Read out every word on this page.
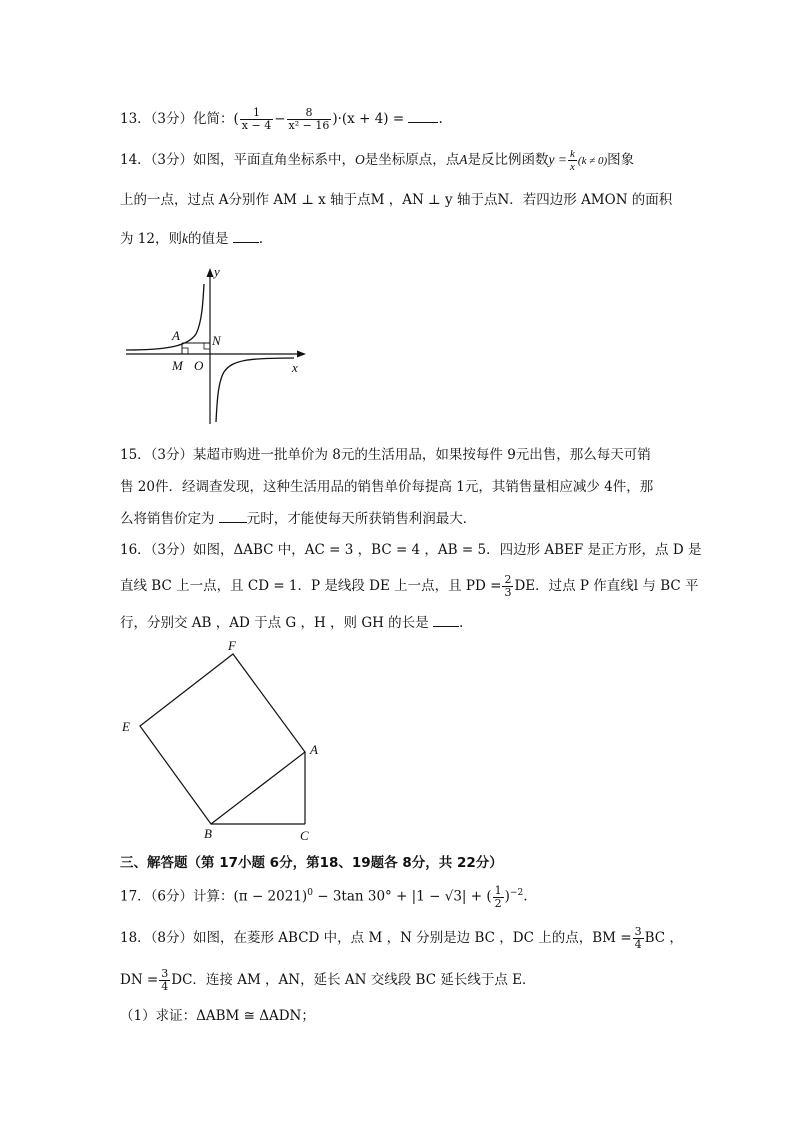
13．（3分）化简：( $\frac{1}{x - 4} - \frac{8}{\text{x² − 16}} )\cdot(x + 4)$ =	.
14．（3分）如图，平面直角坐标系中，O是坐标原点，点A是反比例函数$y = \frac{k}{x} (k \ne 0)$图象
上的一点，过点 A分别作 AM ⊥ x 轴于点M ，AN ⊥ y 轴于点N．若四边形 AMON 的面积
为 12，则k的值是 .
y
x
A N
M O
15．（3分）某超市购进一批单价为 8元的生活用品，如果按每件 9元出售，那么每天可销
售 20件．经调查发现，这种生活用品的销售单价每提高 1元，其销售量相应减少 4件，那
么将销售价定为 元时，才能使每天所获销售利润最大．
16．（3分）如图，ΔABC 中，AC = 3 ，BC = 4 ，AB = 5．四边形 ABEF 是正方形，点 D 是
直线 BC 上一点，且 CD = 1．P 是线段 DE 上一点，且 PD = $\frac{2}{3}$ DE．过点 P 作直线l 与 BC 平
行，分别交 AB ，AD 于点 G ，H ，则 GH 的长是 .
F
E
A
B	C
三、解答题（第 17小题 6分，第18、19题各 8分，共 22分）
17．（6分）计算：$(\pi - 2021)^0 - 3\tan$ 30° + |1 − √3| + ( $\frac{1}{2} )^{-2}$.
18．（8分）如图，在菱形 ABCD 中，点 M ，N 分别是边 BC ，DC 上的点，BM = $\frac{3}{4}$ BC ，
DN = $\frac{3}{4}$ DC．连接 AM ，AN，延长 AN 交线段 BC 延长线于点 E．
（1）求证：ΔABM ≅ ΔADN；
